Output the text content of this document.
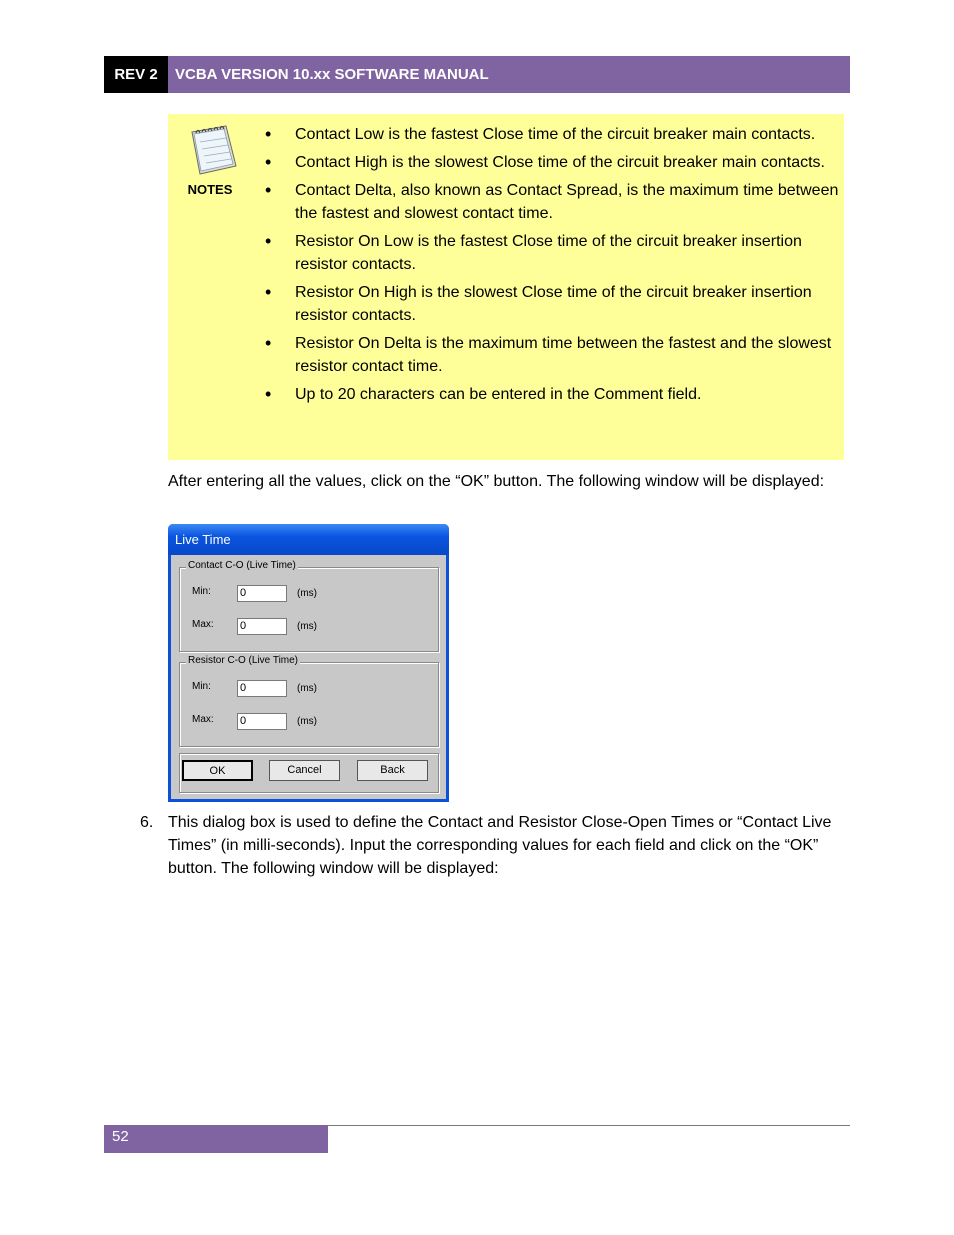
REV 2	VCBA VERSION 10.xx SOFTWARE MANUAL
NOTES
• Contact Low is the fastest Close time of the circuit breaker main contacts.
• Contact High is the slowest Close time of the circuit breaker main contacts.
• Contact Delta, also known as Contact Spread, is the maximum time between the fastest and slowest contact time.
• Resistor On Low is the fastest Close time of the circuit breaker insertion resistor contacts.
• Resistor On High is the slowest Close time of the circuit breaker insertion resistor contacts.
• Resistor On Delta is the maximum time between the fastest and the slowest resistor contact time.
• Up to 20 characters can be entered in the Comment field.
After entering all the values, click on the “OK” button. The following window will be displayed:
Live Time
Contact C-O (Live Time)
Min:	0	(ms)
Max: 0	(ms)
Resistor C-O (Live Time)
Min:	0	(ms)
Max: 0	(ms)
OK	Cancel	Back
6. This dialog box is used to define the Contact and Resistor Close-Open Times or “Contact Live Times” (in milli-seconds). Input the corresponding values for each field and click on the “OK” button. The following window will be displayed:
52
